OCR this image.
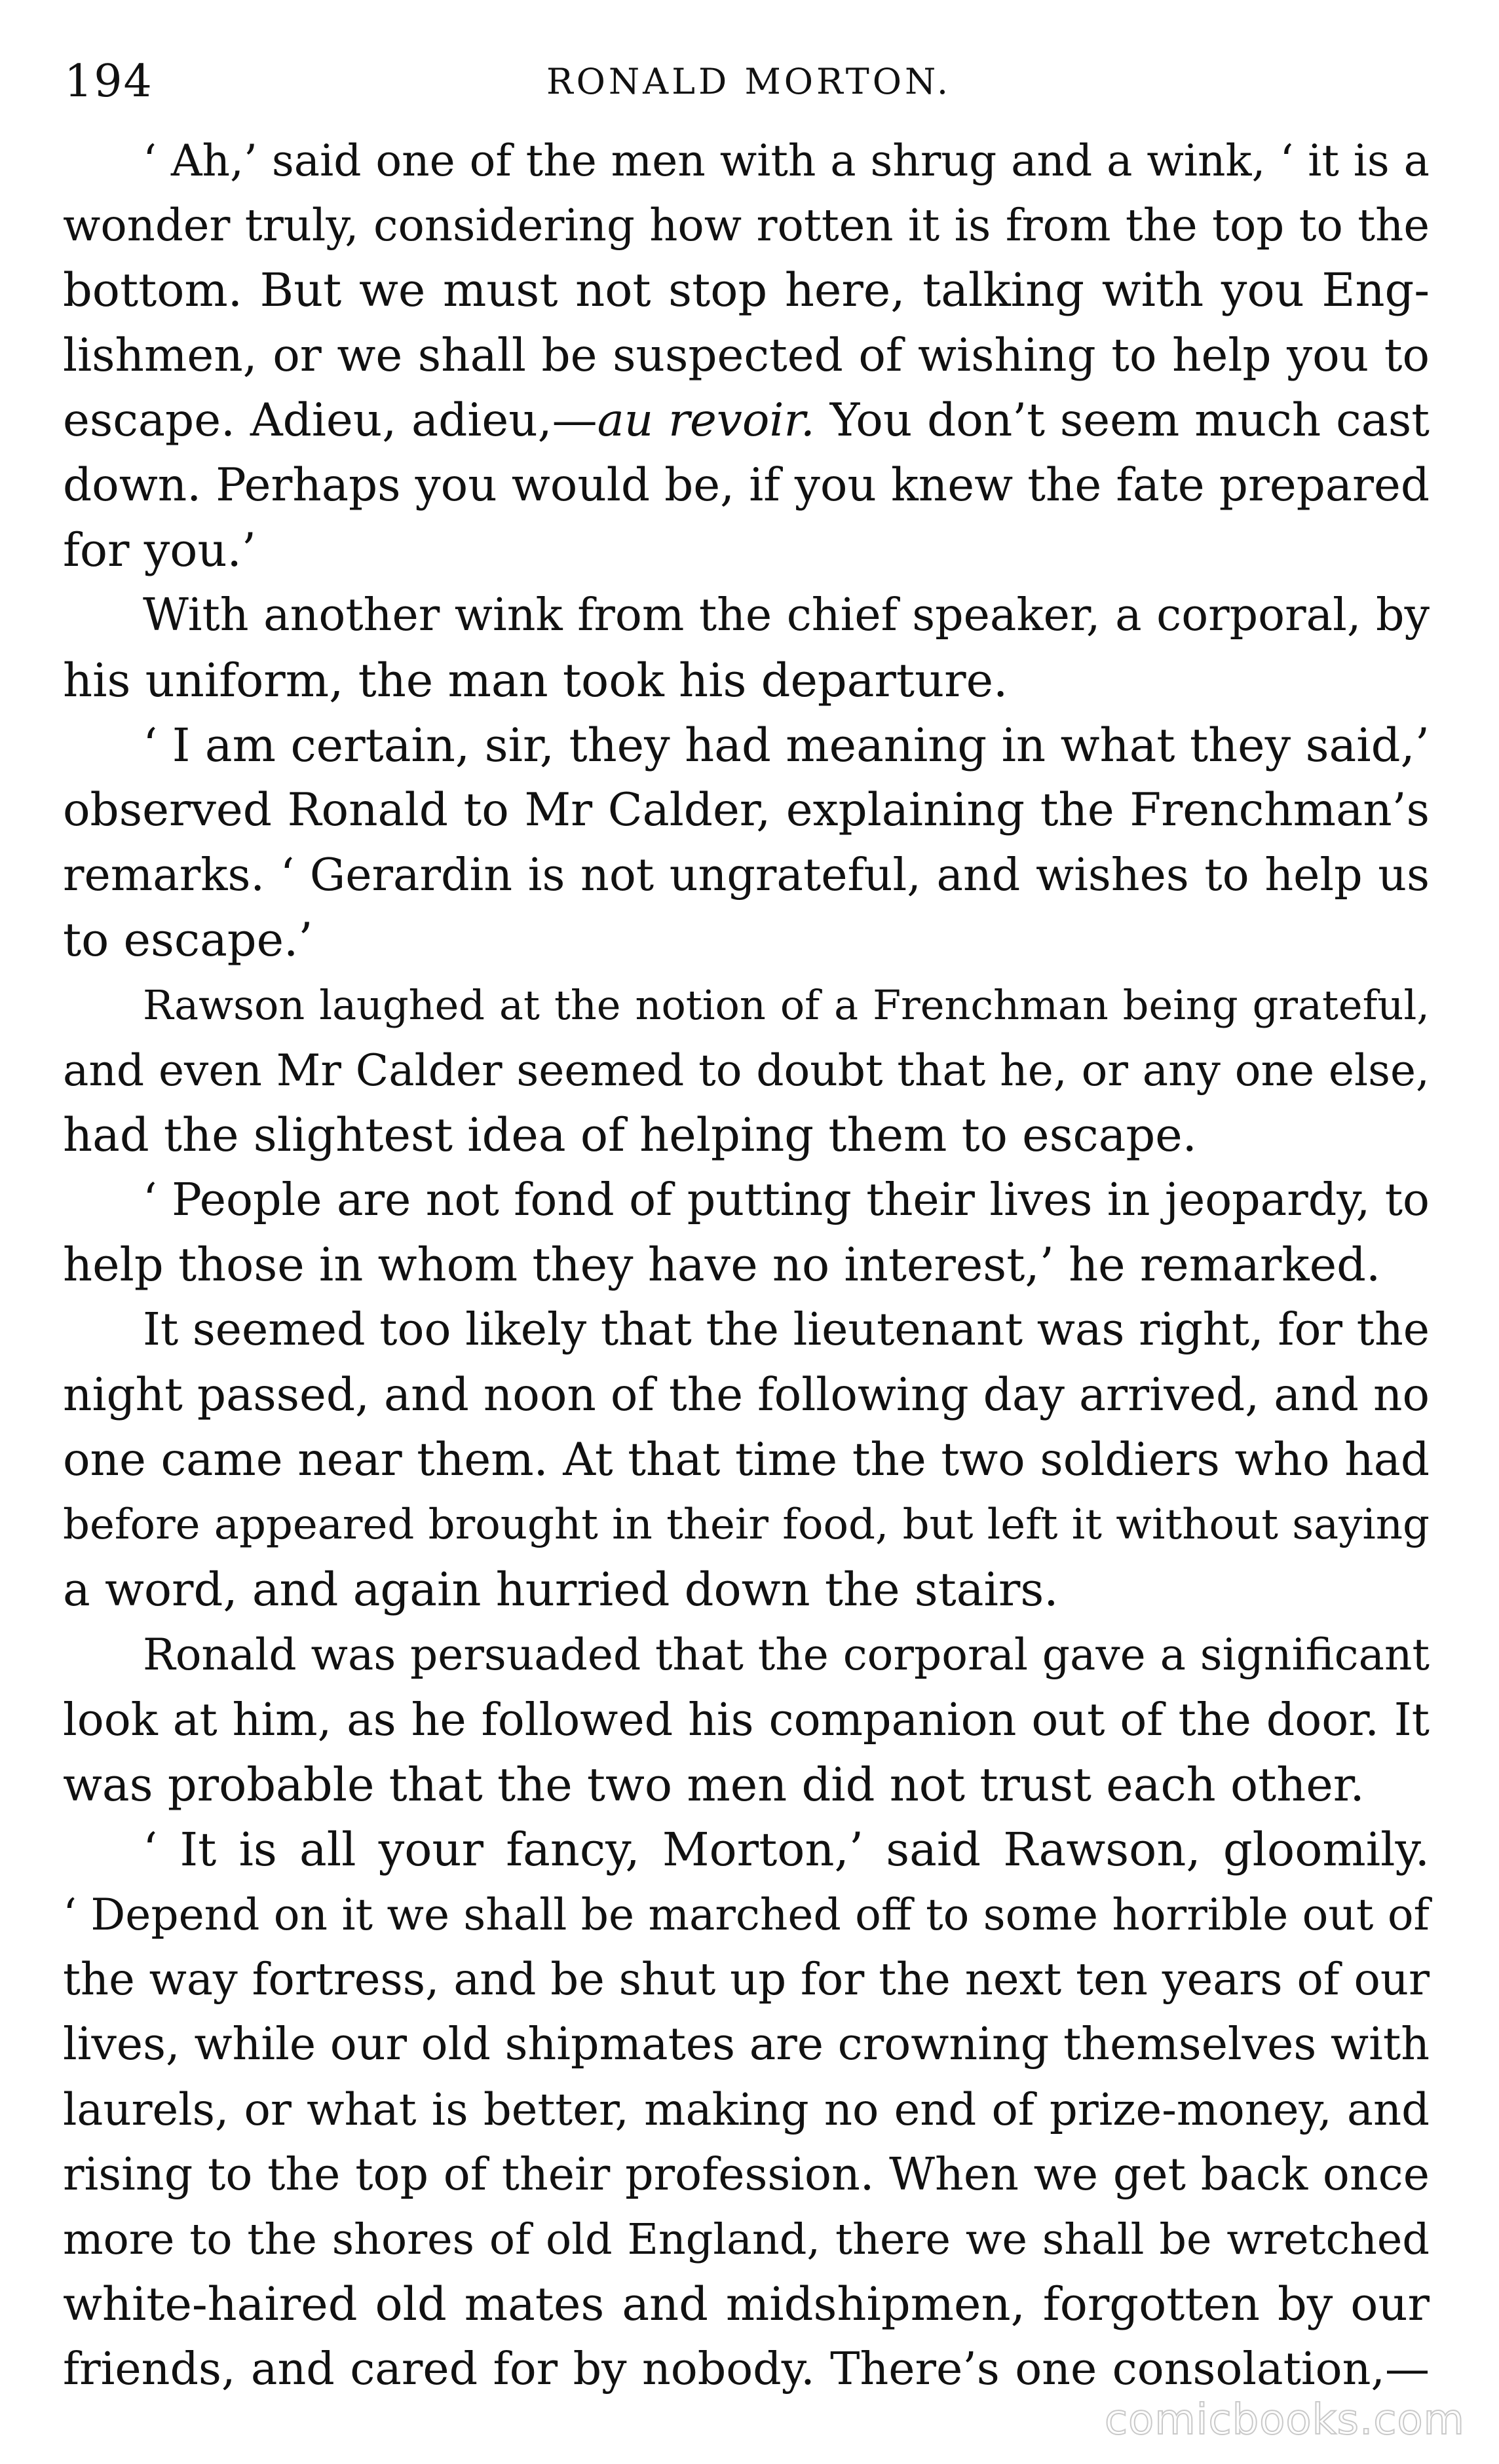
194	RONALD MORTON.
‘ Ah,’ said one of the men with a shrug and a wink, ‘ it is a
wonder truly, considering how rotten it is from the top to the
bottom. But we must not stop here, talking with you Eng-
lishmen, or we shall be suspected of wishing to help you to
escape. Adieu, adieu,—au revoir. You don’t seem much cast
down. Perhaps you would be, if you knew the fate prepared
for you.’
With another wink from the chief speaker, a corporal, by
his uniform, the man took his departure.
‘ I am certain, sir, they had meaning in what they said,’
observed Ronald to Mr Calder, explaining the Frenchman’s
remarks. ‘ Gerardin is not ungrateful, and wishes to help us
to escape.’
Rawson laughed at the notion of a Frenchman being grateful,
and even Mr Calder seemed to doubt that he, or any one else,
had the slightest idea of helping them to escape.
‘ People are not fond of putting their lives in jeopardy, to
help those in whom they have no interest,’ he remarked.
It seemed too likely that the lieutenant was right, for the
night passed, and noon of the following day arrived, and no
one came near them. At that time the two soldiers who had
before appeared brought in their food, but left it without saying
a word, and again hurried down the stairs.
Ronald was persuaded that the corporal gave a significant
look at him, as he followed his companion out of the door. It
was probable that the two men did not trust each other.
‘ It is all your fancy, Morton,’ said Rawson, gloomily.
‘ Depend on it we shall be marched off to some horrible out of
the way fortress, and be shut up for the next ten years of our
lives, while our old shipmates are crowning themselves with
laurels, or what is better, making no end of prize-money, and
rising to the top of their profession. When we get back once
more to the shores of old England, there we shall be wretched
white-haired old mates and midshipmen, forgotten by our
friends, and cared for by nobody. There’s one consolation,—
comicbooks.com
